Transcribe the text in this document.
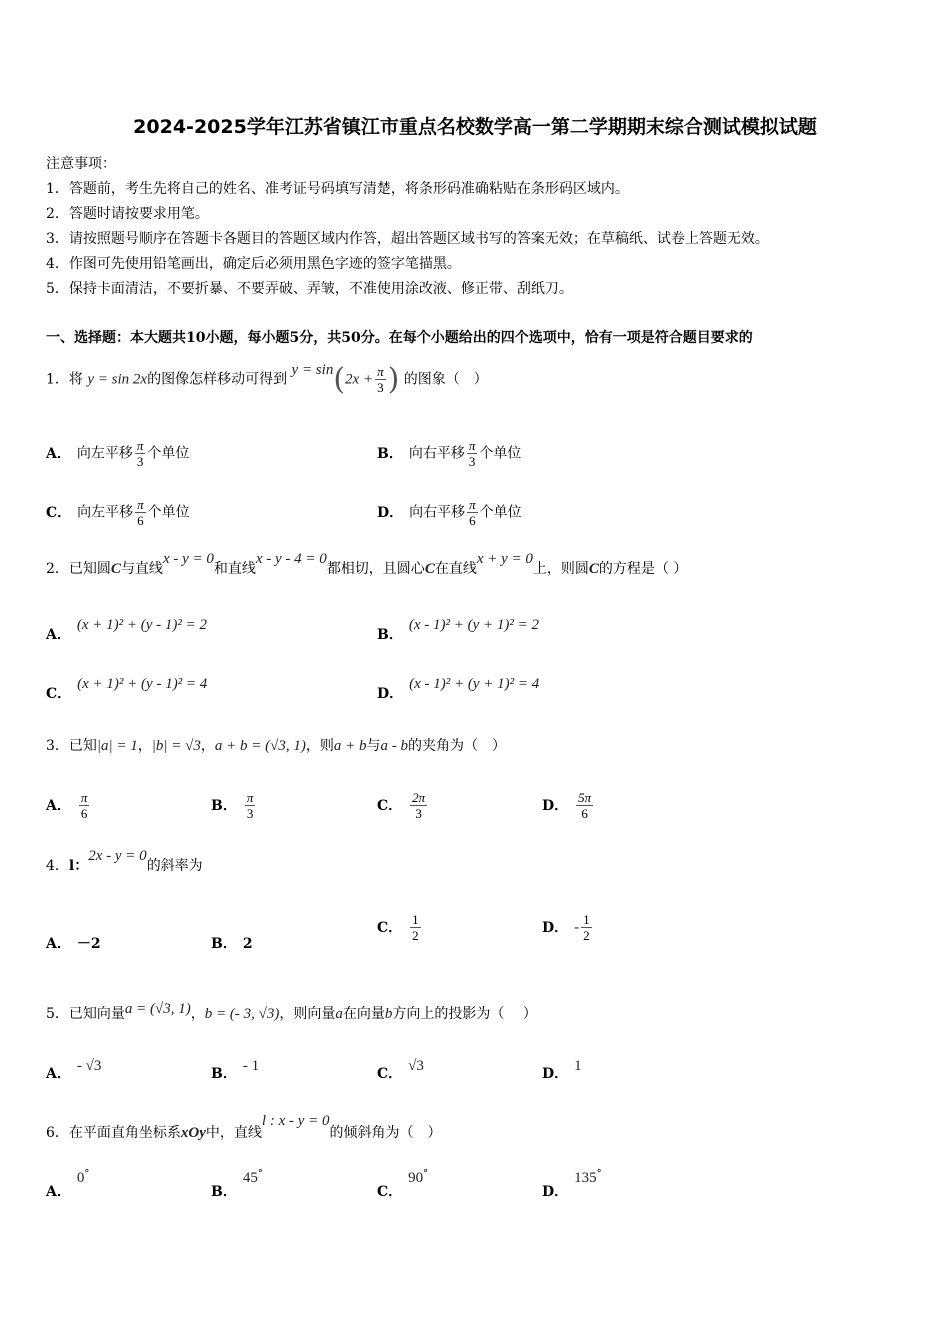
2024-2025学年江苏省镇江市重点名校数学高一第二学期期末综合测试模拟试题
注意事项：
1．答题前，考生先将自己的姓名、准考证号码填写清楚，将条形码准确粘贴在条形码区域内。
2．答题时请按要求用笔。
3．请按照题号顺序在答题卡各题目的答题区域内作答，超出答题区域书写的答案无效；在草稿纸、试卷上答题无效。
4．作图可先使用铅笔画出，确定后必须用黑色字迹的签字笔描黑。
5．保持卡面清洁，不要折暴、不要弄破、弄皱，不准使用涂改液、修正带、刮纸刀。
一、选择题：本大题共10小题，每小题5分，共50分。在每个小题给出的四个选项中，恰有一项是符合题目要求的
1．将 y = sin 2x的图像怎样移动可得到 $y = \sin(2x + \frac{\pi}{3}$ ) 的图象（　）
A． 向左平移 $\frac{\pi}{3}$ 个单位	B． 向右平移 $\frac{\pi}{3}$ 个单位
C． 向左平移 $\frac{\pi}{6}$ 个单位	D． 向右平移 $\frac{\pi}{6}$ 个单位
2．已知圆C与直线x - y = 0和直线x - y - 4 = 0都相切，且圆心C在直线x + y = 0上，则圆C的方程是（ ）
A．(x + 1)² + (y - 1)² = 2
B．(x - 1)² + (y + 1)² = 2
C．(x + 1)² + (y - 1)² = 4
D．(x - 1)² + (y + 1)² = 4
3．已知|a| = 1，|b| = √3，a + b = (√3, 1)，则a + b与a - b的夹角为（　）
A． $\frac{\pi}{6}$	B． $\frac{\pi}{3}$	C． $\frac{2\pi}{3}$	D． $\frac{5\pi}{6}$
4．l：2x - y = 0的斜率为
A． －2	B． 2
C． $\frac{1}{2}$	D． - $\frac{1}{2}$
5．已知向量a = (√3, 1)，b = (- 3, √3)，则向量a在向量b方向上的投影为（　 ）
A． - √3	B． - 1	C． √3	D． 1
6．在平面直角坐标系xOy中，直线l : x - y = 0的倾斜角为（　）
A．0°
B．45°
C．90°
D．135°
